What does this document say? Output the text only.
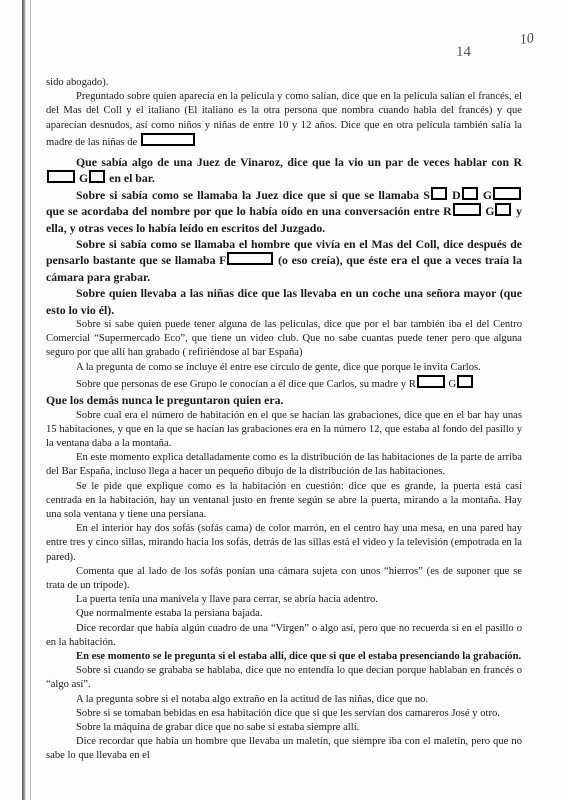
14
10

sido abogado).

Preguntado sobre quien aparecía en la película y como salían, dice que en la película salían el francés, el del Mas del Coll y el italiano (El italiano es la otra persona que nombra cuando habla del francés) y que aparecían desnudos, así como niños y niñas de entre 10 y 12 años. Dice que en otra película también salía la madre de las niñas de

Que sabía algo de una Juez de Vinaroz, dice que la vio un par de veces hablar con R G en el bar.

Sobre si sabía como se llamaba la Juez dice que si que se llamaba S D G que se acordaba del nombre por que lo había oído en una conversación entre R	G y ella, y otras veces lo había leído en escritos del Juzgado.

Sobre si sabía como se llamaba el hombre que vivía en el Mas del Coll, dice después de pensarlo bastante que se llamaba F	(o eso creía), que éste era el que a veces traía la cámara para grabar.

Sobre quien llevaba a las niñas dice que las llevaba en un coche una señora mayor (que esto lo vio él).

Sobre si sabe quien puede tener alguna de las películas, dice que por el bar también iba el del Centro Comercial “Supermercado Eco”, que tiene un video club. Que no sabe cuantas puede tener pero que alguna seguro por que allí han grabado ( refiriéndose al bar España)

A la pregunta de como se incluye él entre ese círculo de gente, dice que porque le invita Carlos.

Sobre que personas de ese Grupo le conocían a él dice que Carlos, su madre y R	G

Que los demás nunca le preguntaron quien era.

Sobre cual era el número de habitación en el que se hacían las grabaciones, dice que en el bar hay unas 15 habitaciones, y que en la que se hacían las grabaciones era en la número 12, que estaba al fondo del pasillo y la ventana daba a la montaña.

En este momento explica detalladamente como es la distribución de las habitaciones de la parte de arriba del Bar España, incluso llega a hacer un pequeño dibujo de la distribución de las habitaciones.

Se le pide que explique como es la habitación en cuestión: dice que es grande, la puerta está casi centrada en la habitación, hay un ventanal justo en frente según se abre la puerta, mirando a la montaña. Hay una sola ventana y tiene una persiana.

En el interior hay dos sofás (sofás cama) de color marrón, en el centro hay una mesa, en una pared hay entre tres y cinco sillas, mirando hacia los sofás, detrás de las sillas está el video y la televisión (empotrada en la pared).

Comenta que al lado de los sofás ponían una cámara sujeta con unos “hierros” (es de suponer que se trata de un trípode).

La puerta tenía una manivela y llave para cerrar, se abría hacia adentro.

Que normalmente estaba la persiana bajada.

Dice recordar que había algún cuadro de una “Virgen” o algo así, pero que no recuerda si en el pasillo o en la habitación.

En ese momento se le pregunta si el estaba allí, dice que si que el estaba presenciando la grabación.

Sobre si cuando se grababa se hablaba, dice que no entendía lo que decían porque hablaban en francés o “algo así”.

A la pregunta sobre si el notaba algo extraño en la actitud de las niñas, dice que no.

Sobre si se tomaban bebidas en esa habitación dice que si que les servían dos camareros José y otro.

Sobre la máquina de grabar dice que no sabe si estaba siempre allí.

Dice recordar que había un hombre que llevaba un maletín, que siempre iba con el maletín, pero que no sabe lo que llevaba en el
